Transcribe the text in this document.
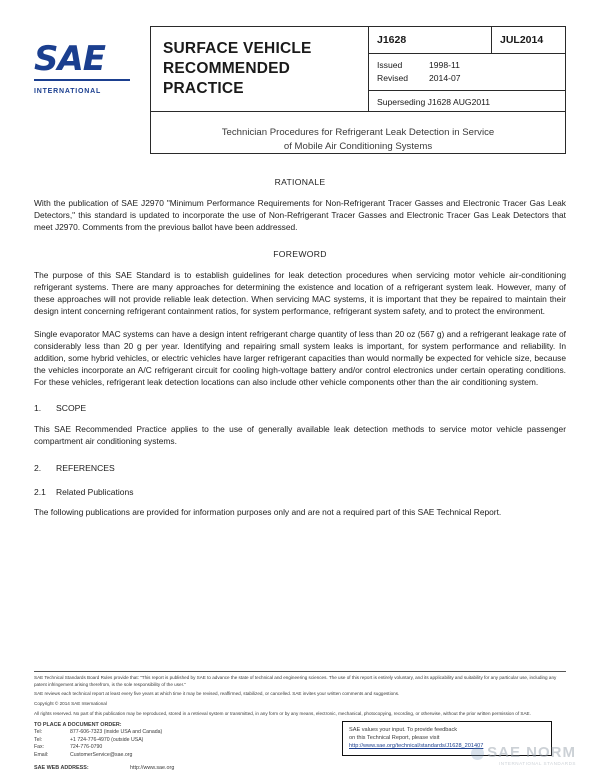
SAE
INTERNATIONAL
SURFACE VEHICLE
RECOMMENDED PRACTICE
J1628	JUL2014
Issued	1998-11
Revised	2014-07
Superseding J1628 AUG2011
Technician Procedures for Refrigerant Leak Detection in Service
of Mobile Air Conditioning Systems
RATIONALE

With the publication of SAE J2970 "Minimum Performance Requirements for Non-Refrigerant Tracer Gasses and Electronic Tracer Gas Leak Detectors," this standard is updated to incorporate the use of Non-Refrigerant Tracer Gasses and Electronic Tracer Gas Leak Detectors that meet J2970. Comments from the previous ballot have been addressed.

FOREWORD

The purpose of this SAE Standard is to establish guidelines for leak detection procedures when servicing motor vehicle air-conditioning refrigerant systems. There are many approaches for determining the existence and location of a refrigerant system leak. However, many of these approaches will not provide reliable leak detection. When servicing MAC systems, it is important that they be repaired to maintain their design intent concerning refrigerant containment ratios, for system performance, refrigerant system safety, and to protect the environment.

Single evaporator MAC systems can have a design intent refrigerant charge quantity of less than 20 oz (567 g) and a refrigerant leakage rate of considerably less than 20 g per year. Identifying and repairing small system leaks is important, for system performance and reliability. In addition, some hybrid vehicles, or electric vehicles have larger refrigerant capacities than would normally be expected for vehicle size, because the vehicles incorporate an A/C refrigerant circuit for cooling high-voltage battery and/or control electronics under certain operating conditions. For these vehicles, refrigerant leak detection locations can also include other vehicle components other than the air conditioning system.

1. SCOPE

This SAE Recommended Practice applies to the use of generally available leak detection methods to service motor vehicle passenger compartment air conditioning systems.

2. REFERENCES
2.1 Related Publications

The following publications are provided for information purposes only and are not a required part of this SAE Technical Report.

SAE Technical Standards Board Rules provide that: "This report is published by SAE to advance the state of technical and engineering sciences. The use of this report is entirely voluntary, and its applicability and suitability for any particular use, including any patent infringement arising therefrom, is the sole responsibility of the user."

SAE reviews each technical report at least every five years at which time it may be revised, reaffirmed, stabilized, or cancelled. SAE invites your written comments and suggestions.

Copyright © 2014 SAE International

All rights reserved. No part of this publication may be reproduced, stored in a retrieval system or transmitted, in any form or by any means, electronic, mechanical, photocopying, recording, or otherwise, without the prior written permission of SAE.

TO PLACE A DOCUMENT ORDER:
Tel:	877-606-7323 (inside USA and Canada)
Tel:	+1 724-776-4970 (outside USA)
Fax:	724-776-0790
Email:	CustomerService@sae.org
SAE WEB ADDRESS:	http://www.sae.org
SAE values your input. To provide feedback
on this Technical Report, please visit
http://www.sae.org/technical/standards/J1628_201407 SAE NORM
INTERNATIONAL STANDARDS
